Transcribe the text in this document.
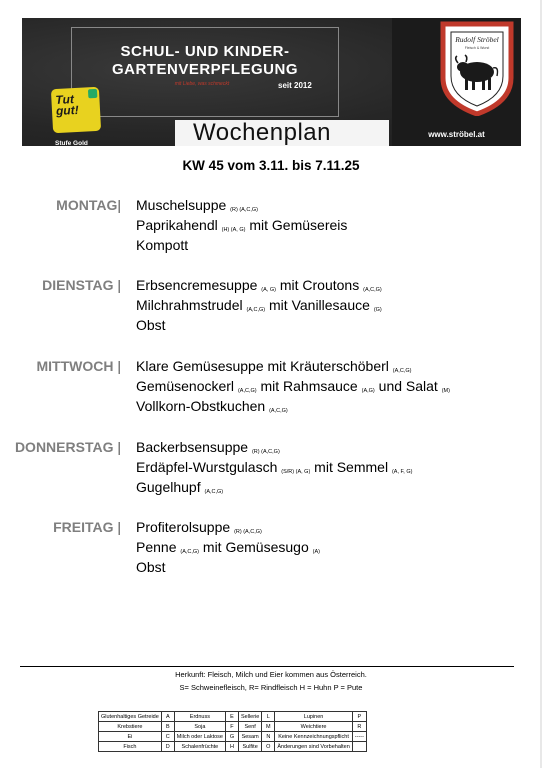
SCHUL- UND KINDER-
GARTENVERPFLEGUNG
mit Liebe, was schmeckt	seit 2012
Tut
gut!
Stufe Gold	Wochenplan
Rudolf Ströbel
Fleisch & Wurst
www.ströbel.at
KW 45 vom 3.11. bis 7.11.25
MONTAG| Muschelsuppe (R) (A,C,G)
Paprikahendl (H) (A, G) mit Gemüsereis
Kompott
DIENSTAG | Erbsencremesuppe (A, G) mit Croutons (A,C,G)
Milchrahmstrudel (A,C,G) mit Vanillesauce (G)
Obst
MITTWOCH | Klare Gemüsesuppe mit Kräuterschöberl (A,C,G)
Gemüsenockerl (A,C,G) mit Rahmsauce (A,G) und Salat (M)
Vollkorn-Obstkuchen (A,C,G)
DONNERSTAG | Backerbsensuppe (R) (A,C,G)
Erdäpfel-Wurstgulasch (S/R) (A, G) mit Semmel (A, F, G)
Gugelhupf (A,C,G)
FREITAG | Profiterolsuppe (R) (A,C,G)
Penne (A,C,G) mit Gemüsesugo (A)
Obst
Herkunft: Fleisch, Milch und Eier kommen aus Österreich.
S= Schweinefleisch, R= Rindfleisch H = Huhn P = Pute
Glutenhaltiges Getreide	A	Erdnuss	E	Sellerie	L	Lupinen	P
Krebstiere	B	Soja	F	Senf	M	Weichtiere	R
Ei	C	Milch oder Laktose	G	Sesam	N	Keine Kennzeichnungspflicht	-----
Fisch	D	Schalenfrüchte	H	Sulfite	O	Änderungen sind Vorbehalten	
